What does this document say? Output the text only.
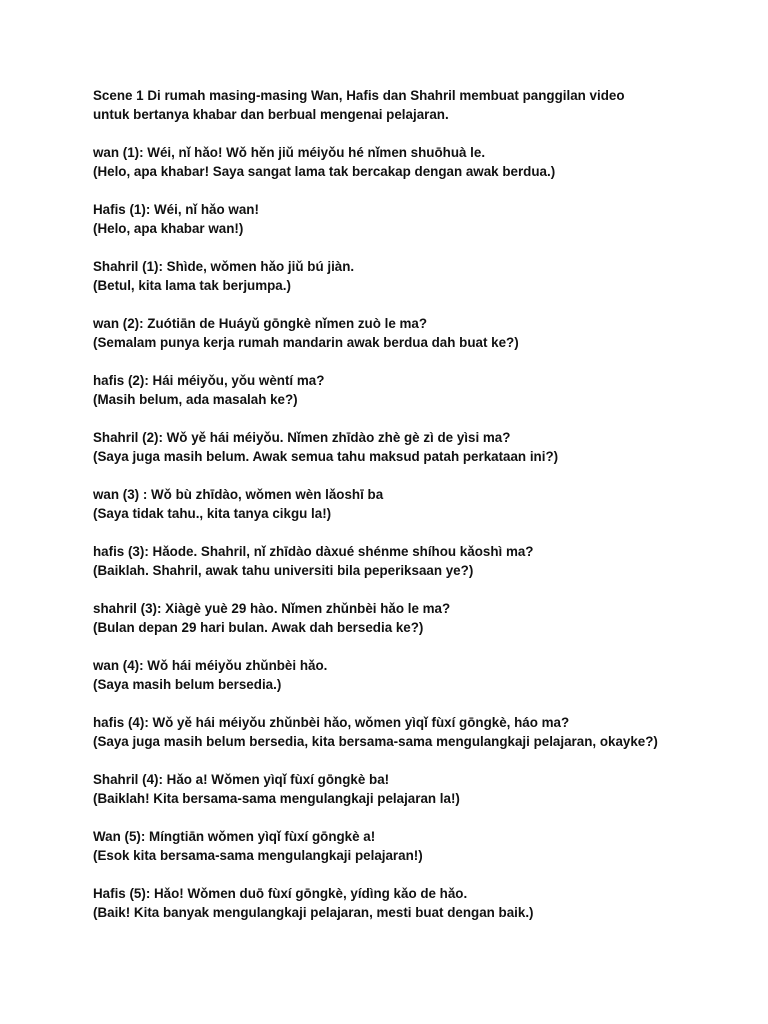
Scene 1 Di rumah masing-masing Wan, Hafis dan Shahril membuat panggilan video
untuk bertanya khabar dan berbual mengenai pelajaran.

wan (1): Wéi, nǐ hǎo! Wǒ hěn jiǔ méiyǒu hé nǐmen shuōhuà le.
(Helo, apa khabar! Saya sangat lama tak bercakap dengan awak berdua.)

Hafis (1): Wéi, nǐ hǎo wan!
(Helo, apa khabar wan!)

Shahril (1): Shìde, wǒmen hǎo jiǔ bú jiàn.
(Betul, kita lama tak berjumpa.)

wan (2): Zuótiān de Huáyǔ gōngkè nǐmen zuò le ma?
(Semalam punya kerja rumah mandarin awak berdua dah buat ke?)

hafis (2): Hái méiyǒu, yǒu wèntí ma?
(Masih belum, ada masalah ke?)

Shahril (2): Wǒ yě hái méiyǒu. Nǐmen zhīdào zhè gè zì de yìsi ma?
(Saya juga masih belum. Awak semua tahu maksud patah perkataan ini?)

wan (3) : Wǒ bù zhīdào, wǒmen wèn lǎoshī ba
(Saya tidak tahu., kita tanya cikgu la!)

hafis (3): Hǎode. Shahril, nǐ zhīdào dàxué shénme shíhou kǎoshì ma?
(Baiklah. Shahril, awak tahu universiti bila peperiksaan ye?)

shahril (3): Xiàgè yuè 29 hào. Nǐmen zhǔnbèi hǎo le ma?
(Bulan depan 29 hari bulan. Awak dah bersedia ke?)

wan (4): Wǒ hái méiyǒu zhǔnbèi hǎo.
(Saya masih belum bersedia.)

hafis (4): Wǒ yě hái méiyǒu zhǔnbèi hǎo, wǒmen yìqǐ fùxí gōngkè, háo ma?
(Saya juga masih belum bersedia, kita bersama-sama mengulangkaji pelajaran, okayke?)

Shahril (4): Hǎo a! Wǒmen yìqǐ fùxí gōngkè ba!
(Baiklah! Kita bersama-sama mengulangkaji pelajaran la!)

Wan (5): Míngtiān wǒmen yìqǐ fùxí gōngkè a!
(Esok kita bersama-sama mengulangkaji pelajaran!)

Hafis (5): Hǎo! Wǒmen duō fùxí gōngkè, yídìng kǎo de hǎo.
(Baik! Kita banyak mengulangkaji pelajaran, mesti buat dengan baik.)
